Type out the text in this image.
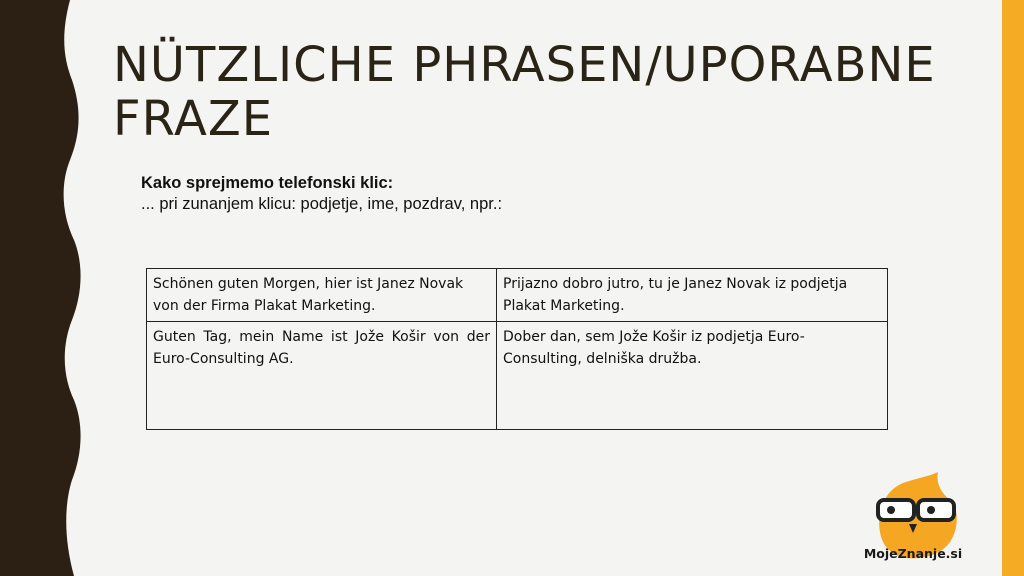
NÜTZLICHE PHRASEN/UPORABNE FRAZE
Kako sprejmemo telefonski klic:
... pri zunanjem klicu: podjetje, ime, pozdrav, npr.:
Schönen guten Morgen, hier ist Janez Novak von der Firma Plakat Marketing.	Prijazno dobro jutro, tu je Janez Novak iz podjetja Plakat Marketing.
Guten Tag, mein Name ist Jože Košir von der Euro-Consulting AG.	Dober dan, sem Jože Košir iz podjetja Euro-Consulting, delniška družba.
MojeZnanje.si
